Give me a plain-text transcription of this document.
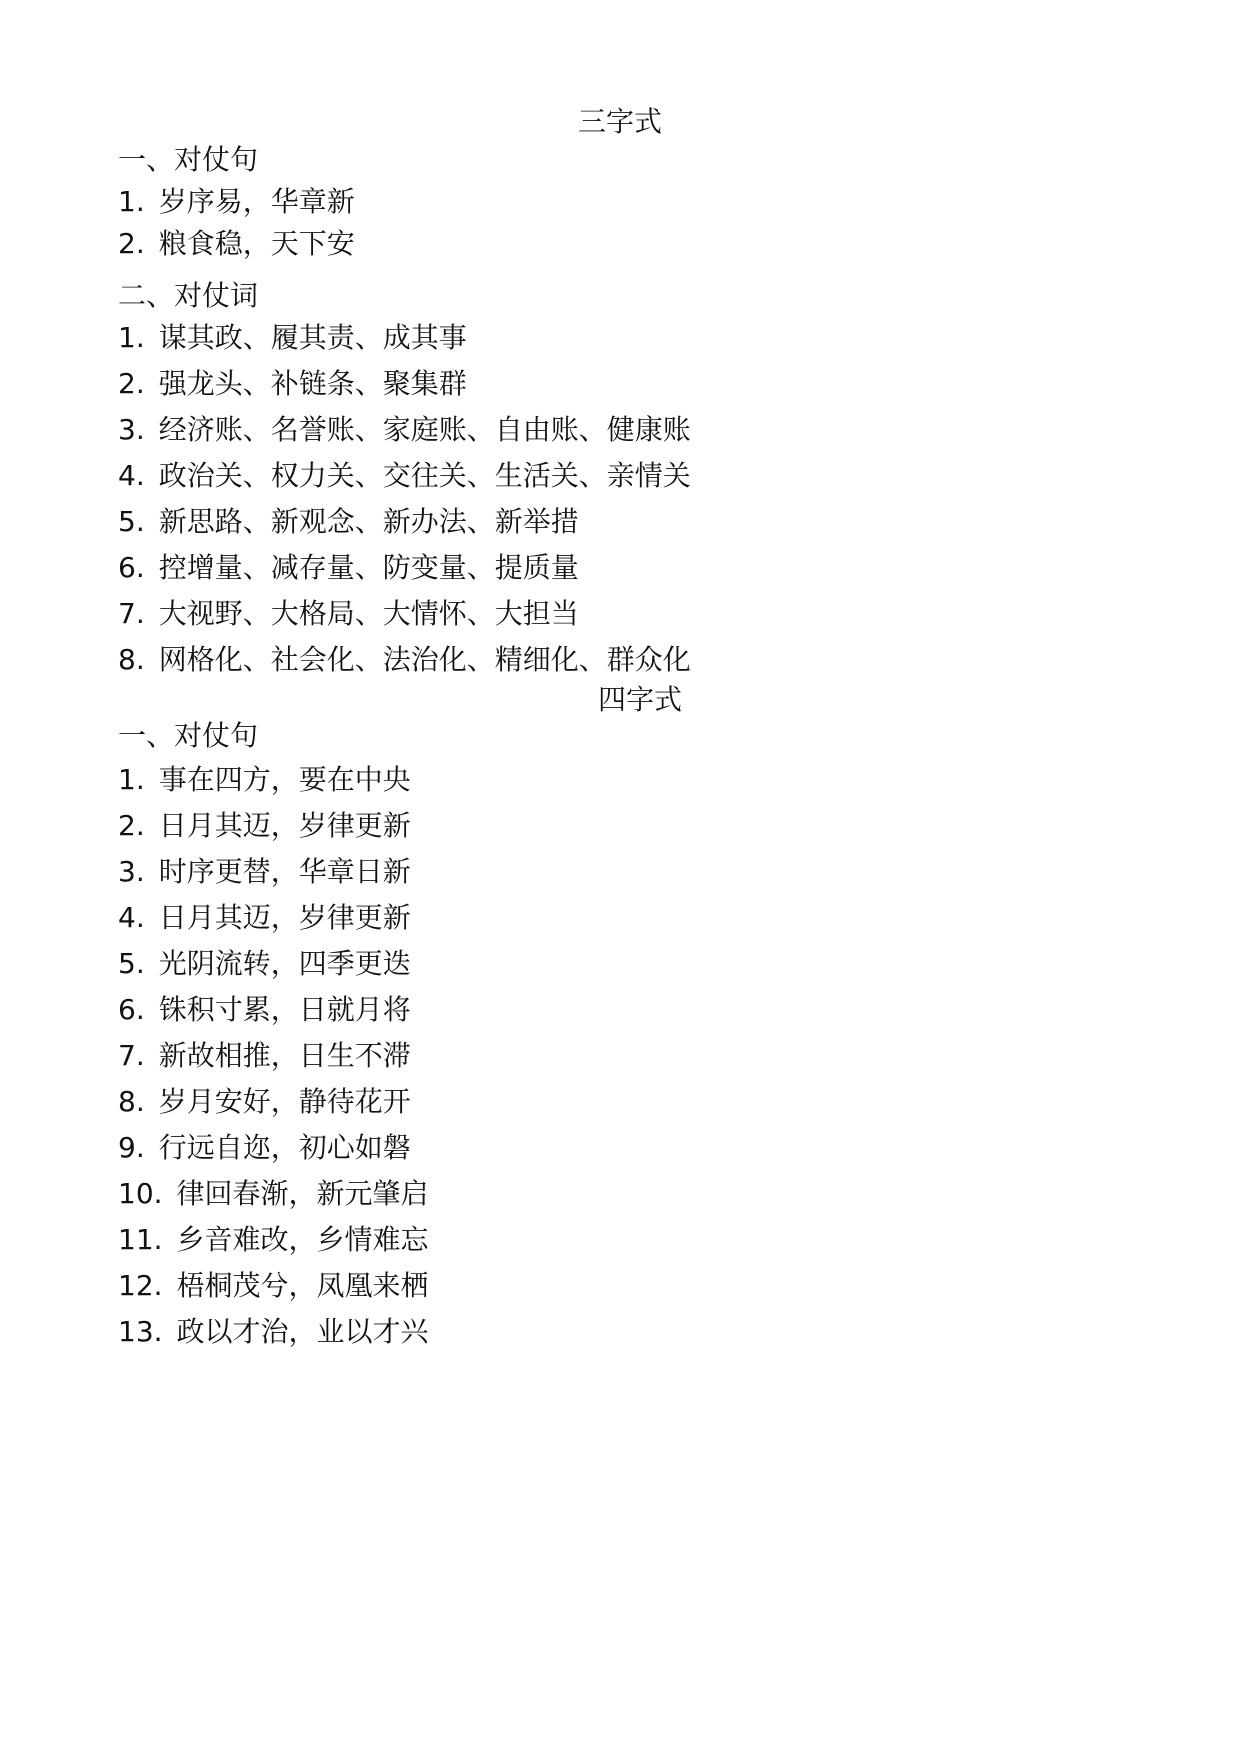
三字式
一、对仗句
1. 岁序易，华章新
2. 粮食稳，天下安
二、对仗词
1. 谋其政、履其责、成其事
2. 强龙头、补链条、聚集群
3. 经济账、名誉账、家庭账、自由账、健康账
4. 政治关、权力关、交往关、生活关、亲情关
5. 新思路、新观念、新办法、新举措
6. 控增量、减存量、防变量、提质量
7. 大视野、大格局、大情怀、大担当
8. 网格化、社会化、法治化、精细化、群众化
四字式
一、对仗句
1. 事在四方，要在中央
2. 日月其迈，岁律更新
3. 时序更替，华章日新
4. 日月其迈，岁律更新
5. 光阴流转，四季更迭
6. 铢积寸累，日就月将
7. 新故相推，日生不滞
8. 岁月安好，静待花开
9. 行远自迩，初心如磐
10. 律回春渐，新元肇启
11. 乡音难改，乡情难忘
12. 梧桐茂兮，凤凰来栖
13. 政以才治，业以才兴
